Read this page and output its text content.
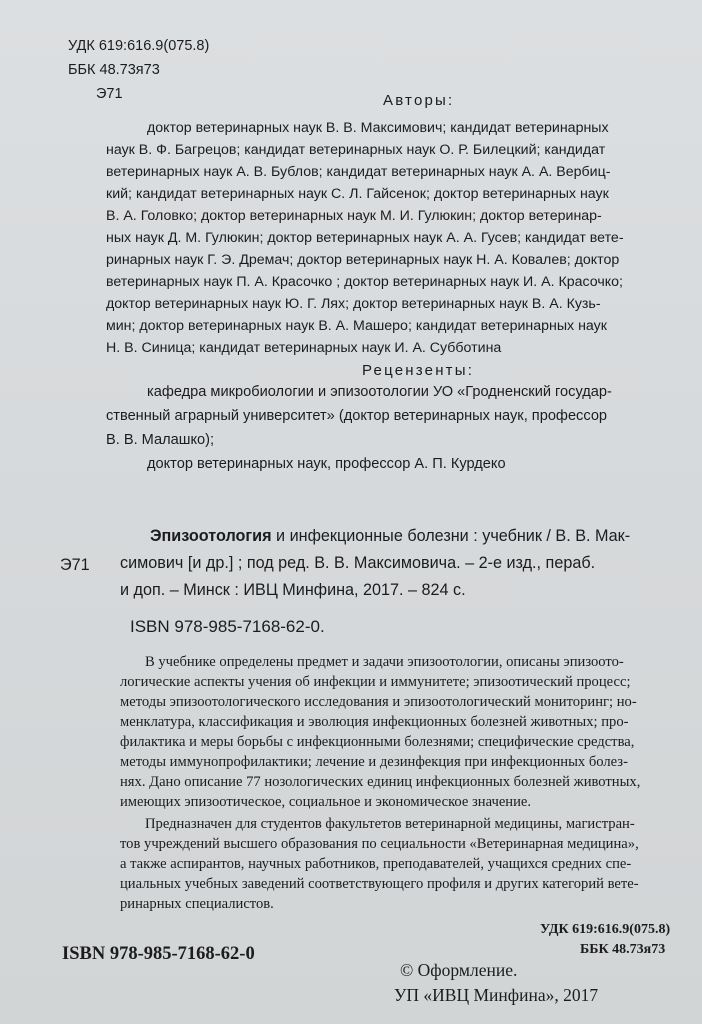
УДК 619:616.9(075.8)
ББК 48.73я73
Э71	Авторы:
доктор ветеринарных наук В. В. Максимович; кандидат ветеринарных
наук В. Ф. Багрецов; кандидат ветеринарных наук О. Р. Билецкий; кандидат
ветеринарных наук А. В. Бублов; кандидат ветеринарных наук А. А. Вербиц-
кий; кандидат ветеринарных наук С. Л. Гайсенок; доктор ветеринарных наук
В. А. Головко; доктор ветеринарных наук М. И. Гулюкин; доктор ветеринар-
ных наук Д. М. Гулюкин; доктор ветеринарных наук А. А. Гусев; кандидат вете-
ринарных наук Г. Э. Дремач; доктор ветеринарных наук Н. А. Ковалев; доктор
ветеринарных наук П. А. Красочко ; доктор ветеринарных наук И. А. Красочко;
доктор ветеринарных наук Ю. Г. Лях; доктор ветеринарных наук В. А. Кузь-
мин; доктор ветеринарных наук В. А. Машеро; кандидат ветеринарных наук
Н. В. Синица; кандидат ветеринарных наук И. А. Субботина
Рецензенты:
кафедра микробиологии и эпизоотологии УО «Гродненский государ-
ственный аграрный университет» (доктор ветеринарных наук, профессор
В. В. Малашко);
доктор ветеринарных наук, профессор А. П. Курдеко
Э71
Эпизоотология и инфекционные болезни : учебник / В. В. Мак-
симович [и др.] ; под ред. В. В. Максимовича. – 2-е изд., пераб.
и доп. – Минск : ИВЦ Минфина, 2017. – 824 с.
ISBN 978-985-7168-62-0.
В учебнике определены предмет и задачи эпизоотологии, описаны эпизоото-
логические аспекты учения об инфекции и иммунитете; эпизоотический процесс;
методы эпизоотологического исследования и эпизоотологический мониторинг; но-
менклатура, классификация и эволюция инфекционных болезней животных; про-
филактика и меры борьбы с инфекционными болезнями; специфические средства,
методы иммунопрофилактики; лечение и дезинфекция при инфекционных болез-
нях. Дано описание 77 нозологических единиц инфекционных болезней животных,
имеющих эпизоотическое, социальное и экономическое значение.
Предназначен для студентов факультетов ветеринарной медицины, магистран-
тов учреждений высшего образования по сециальности «Ветеринарная медицина»,
а также аспирантов, научных работников, преподавателей, учащихся средних спе-
циальных учебных заведений соответствующего профиля и других категорий вете-
ринарных специалистов.
УДК 619:616.9(075.8)
ББК 48.73я73
ISBN 978-985-7168-62-0
© Оформление.
УП «ИВЦ Минфина», 2017
